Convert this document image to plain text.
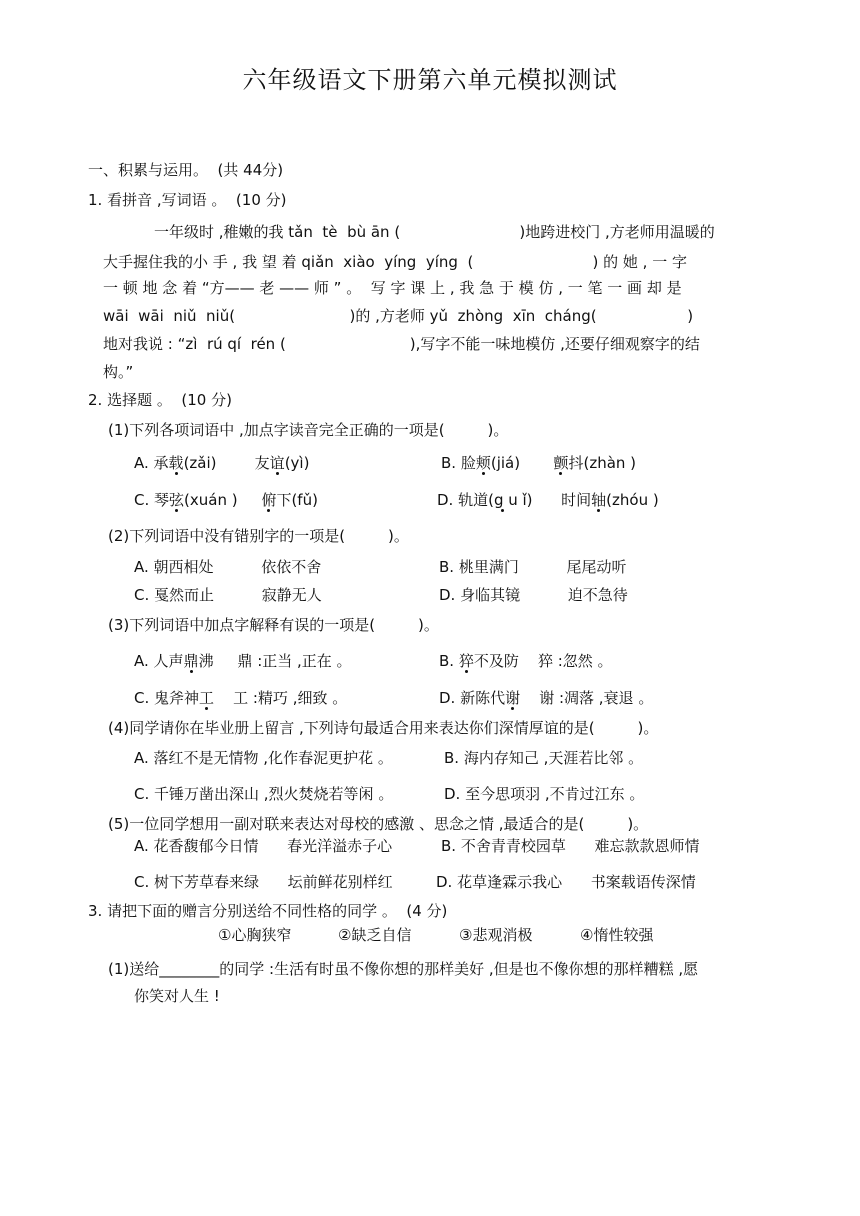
六年级语文下册第六单元模拟测试
一、积累与运用。  (共 44分)
1. 看拼音 ,写词语 。  (10 分)
一年级时 ,稚嫩的我 tǎn  tè  bù ān (                         )地跨进校门 ,方老师用温暖的
大手握住我的小 手 , 我 望 着 qiǎn  xiào  yíng  yíng  (                         ) 的 她 , 一 字
一 顿 地 念 着 “方—— 老 —— 师 ” 。  写 字 课 上 , 我 急 于 模 仿 , 一 笔 一 画 却 是
wāi  wāi  niǔ  niǔ(                        )的 ,方老师 yǔ  zhòng  xīn  cháng(                   )
地对我说 : “zì  rú qí  rén (                          ),写字不能一味地模仿 ,还要仔细观察字的结
构。”
2. 选择题 。  (10 分)
(1)下列各项词语中 ,加点字读音完全正确的一项是(         )。
A. 承载(zǎi)	友谊(yì)	B. 脸颊(jiá) 颤抖(zhàn )
C. 琴弦(xuán ) 俯下(fǔ)	D. 轨道(g u ǐ) 时间轴(zhóu )
(2)下列词语中没有错别字的一项是(         )。
A. 朝西相处	依依不舍	B. 桃里满门	尾尾动听
C. 戛然而止	寂静无人	D. 身临其镜	迫不急待
(3)下列词语中加点字解释有误的一项是(         )。
A. 人声鼎沸 鼎 :正当 ,正在 。	B. 猝不及防 猝 :忽然 。
C. 鬼斧神工 工 :精巧 ,细致 。	D. 新陈代谢 谢 :凋落 ,衰退 。
(4)同学请你在毕业册上留言 ,下列诗句最适合用来表达你们深情厚谊的是(         )。
A. 落红不是无情物 ,化作春泥更护花 。	B. 海内存知己 ,天涯若比邻 。
C. 千锤万凿出深山 ,烈火焚烧若等闲 。	D. 至今思项羽 ,不肯过江东 。
(5)一位同学想用一副对联来表达对母校的感激 、思念之情 ,最适合的是(         )。
A. 花香馥郁今日情 春光洋溢赤子心	B. 不舍青青校园草 难忘款款恩师情
C. 树下芳草春来绿 坛前鲜花别样红	D. 花草逢霖示我心 书案载语传深情
3. 请把下面的赠言分别送给不同性格的同学 。  (4 分)
①心胸狭窄	②缺乏自信	③悲观消极	④惰性较强
(1)送给________的同学 :生活有时虽不像你想的那样美好 ,但是也不像你想的那样糟糕 ,愿
你笑对人生 !
